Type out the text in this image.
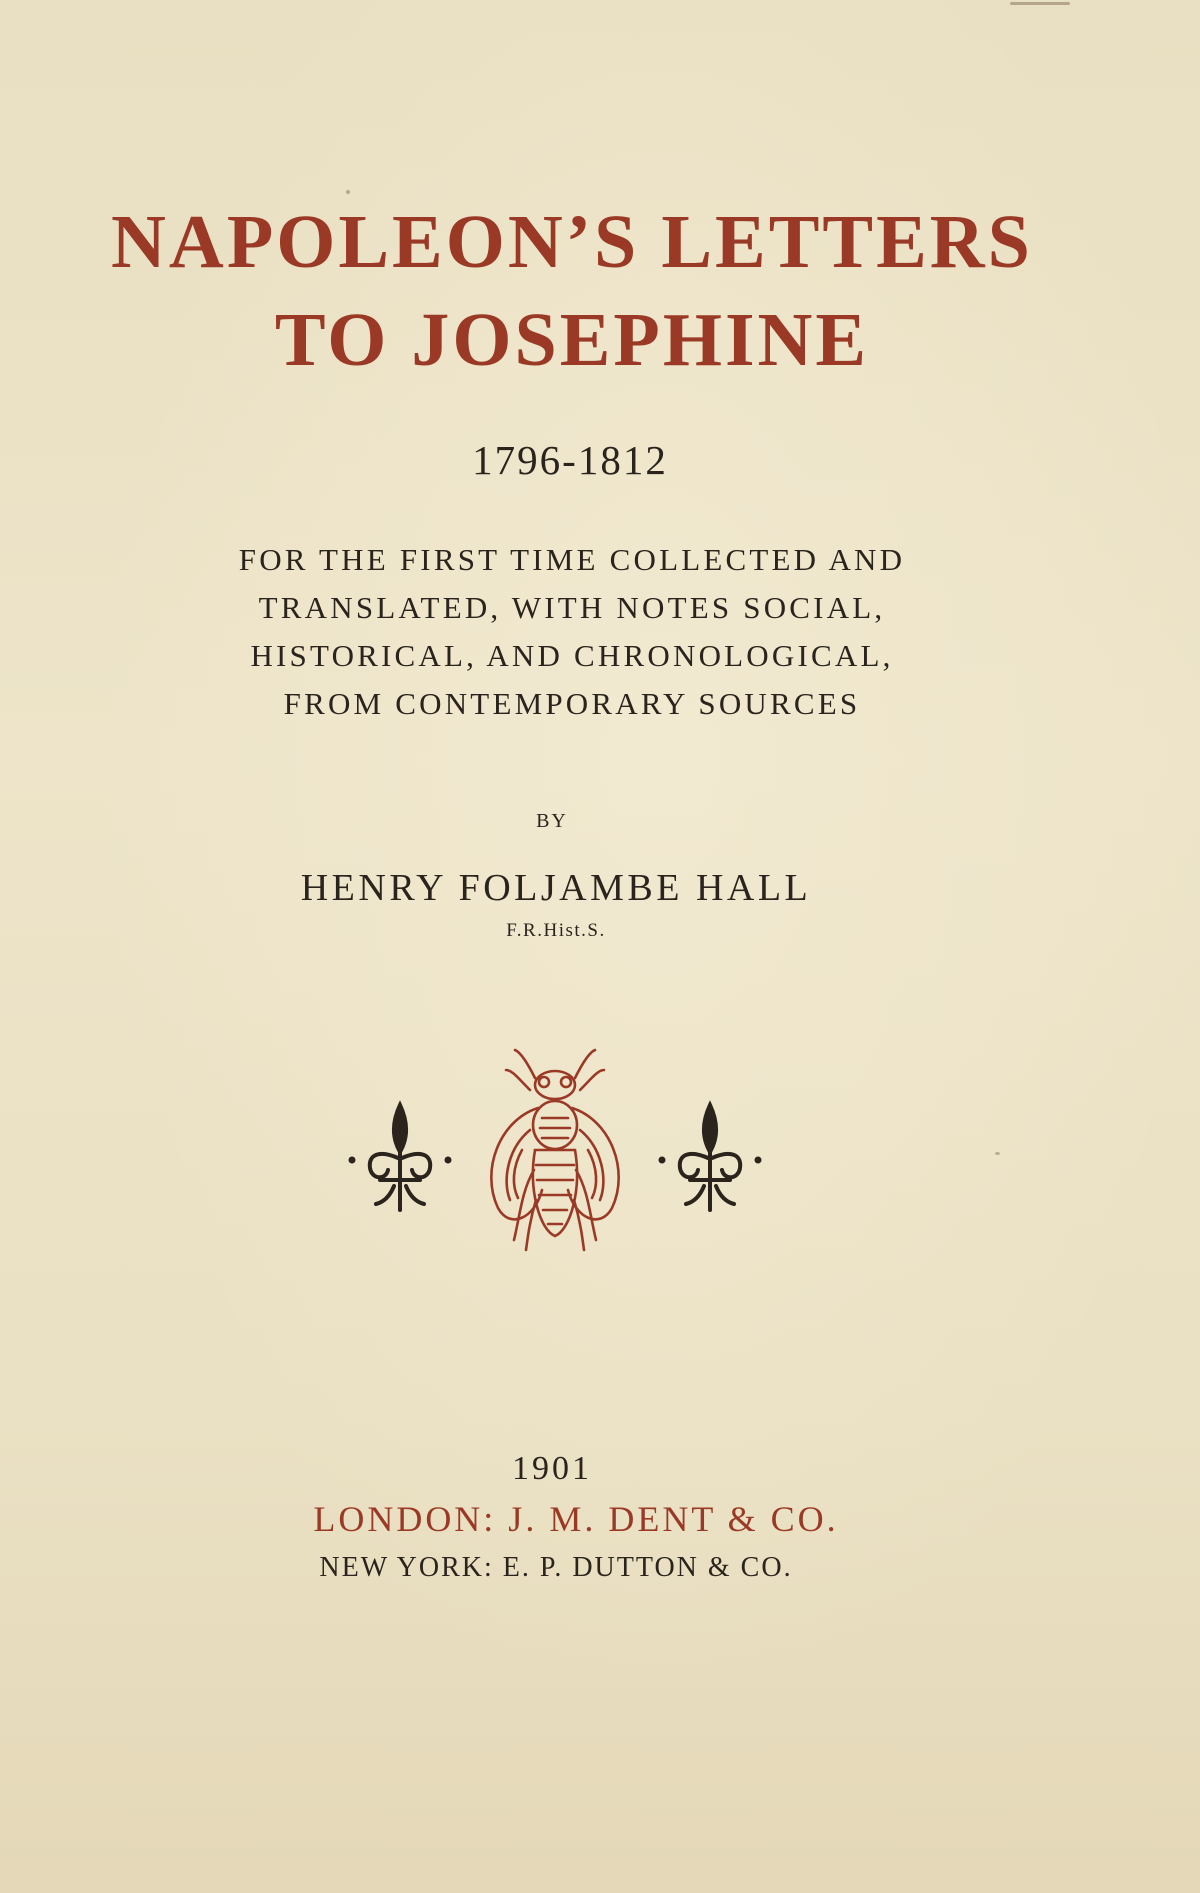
NAPOLEON’S LETTERS
TO JOSEPHINE
1796-1812
FOR THE FIRST TIME COLLECTED AND
TRANSLATED, WITH NOTES SOCIAL,
HISTORICAL, AND CHRONOLOGICAL,
FROM CONTEMPORARY SOURCES
BY
HENRY FOLJAMBE HALL
F.R.Hist.S.
1901
LONDON: J. M. DENT & CO.
NEW YORK: E. P. DUTTON & CO.
